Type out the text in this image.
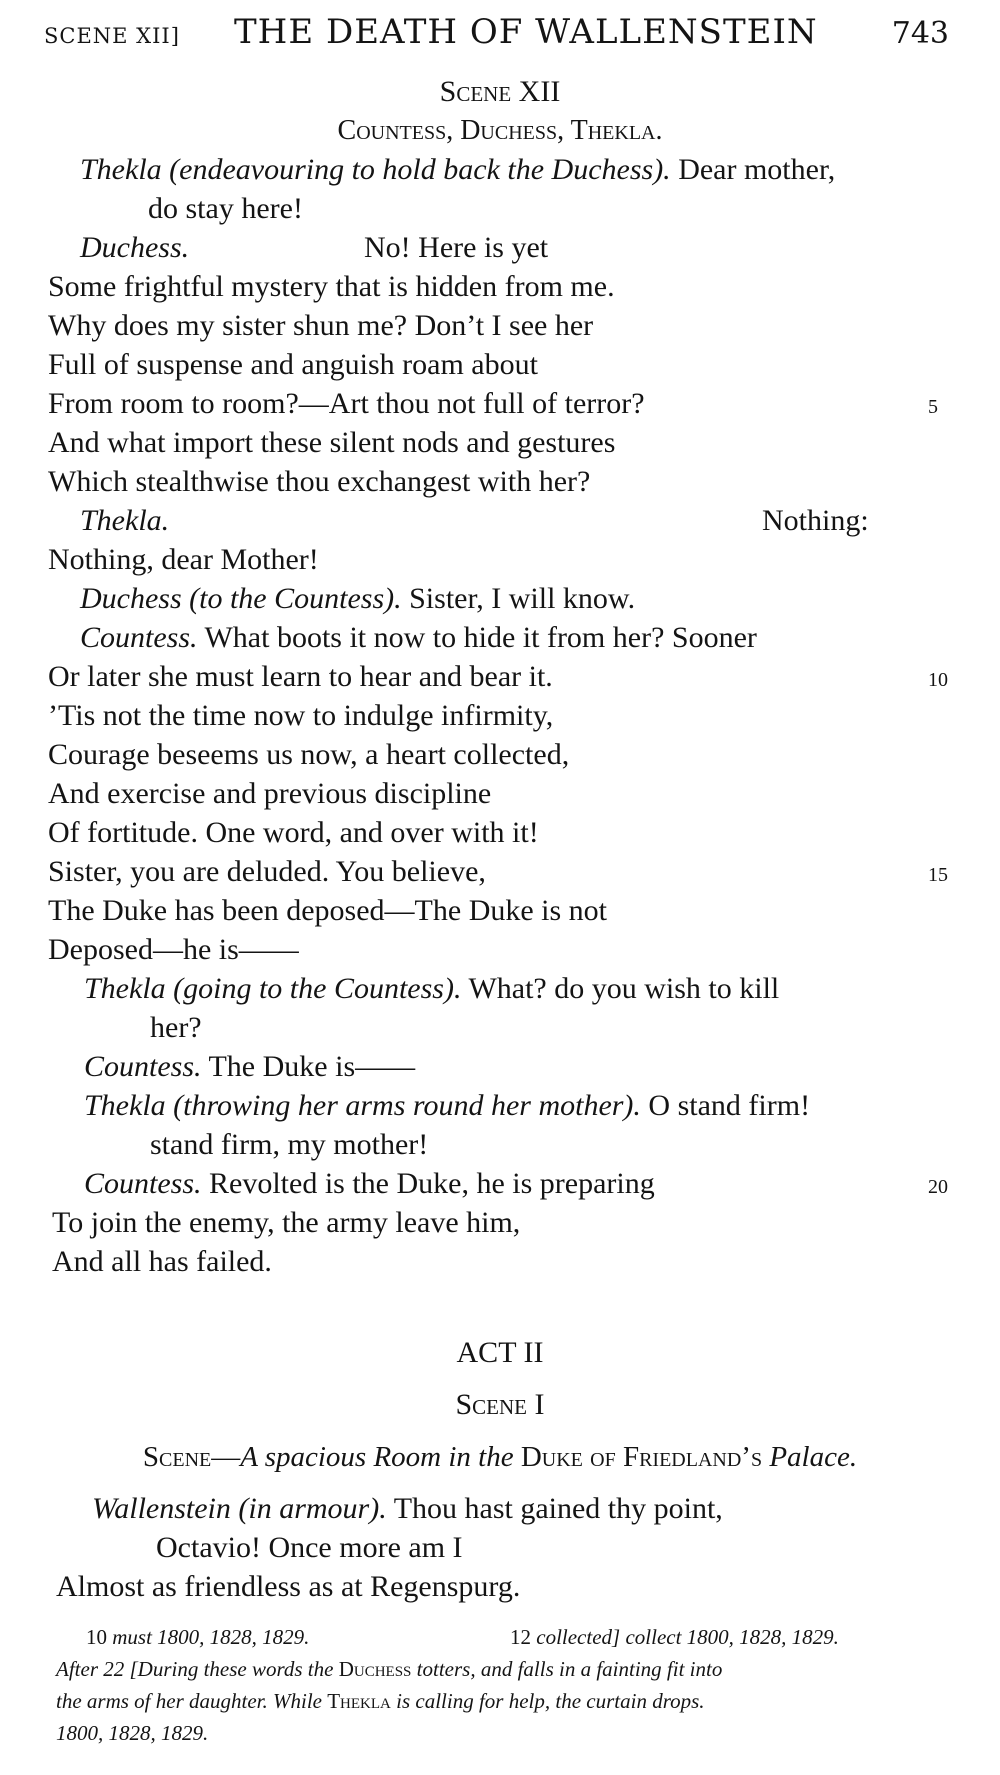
SCENE XII] THE DEATH OF WALLENSTEIN 743
Scene XII
Countess, Duchess, Thekla.
Thekla (endeavouring to hold back the Duchess). Dear mother,
do stay here!
Duchess.	No! Here is yet
Some frightful mystery that is hidden from me.
Why does my sister shun me? Don’t I see her
Full of suspense and anguish roam about
From room to room?—Art thou not full of terror?	5
And what import these silent nods and gestures
Which stealthwise thou exchangest with her?
Thekla.	Nothing:
Nothing, dear Mother!
Duchess (to the Countess). Sister, I will know.
Countess. What boots it now to hide it from her? Sooner
Or later she must learn to hear and bear it.	10
’Tis not the time now to indulge infirmity,
Courage beseems us now, a heart collected,
And exercise and previous discipline
Of fortitude. One word, and over with it!
Sister, you are deluded. You believe,	15
The Duke has been deposed—The Duke is not
Deposed—he is——
Thekla (going to the Countess). What? do you wish to kill
her?
Countess. The Duke is——
Thekla (throwing her arms round her mother). O stand firm!
stand firm, my mother!
Countess. Revolted is the Duke, he is preparing	20
To join the enemy, the army leave him,
And all has failed.
ACT II
Scene I
Scene—A spacious Room in the Duke of Friedland’s Palace.
Wallenstein (in armour). Thou hast gained thy point,
Octavio! Once more am I
Almost as friendless as at Regenspurg.
10 must 1800, 1828, 1829.	12 collected] collect 1800, 1828, 1829.
After 22 [During these words the Duchess totters, and falls in a fainting fit into
the arms of her daughter. While Thekla is calling for help, the curtain drops.
1800, 1828, 1829.
